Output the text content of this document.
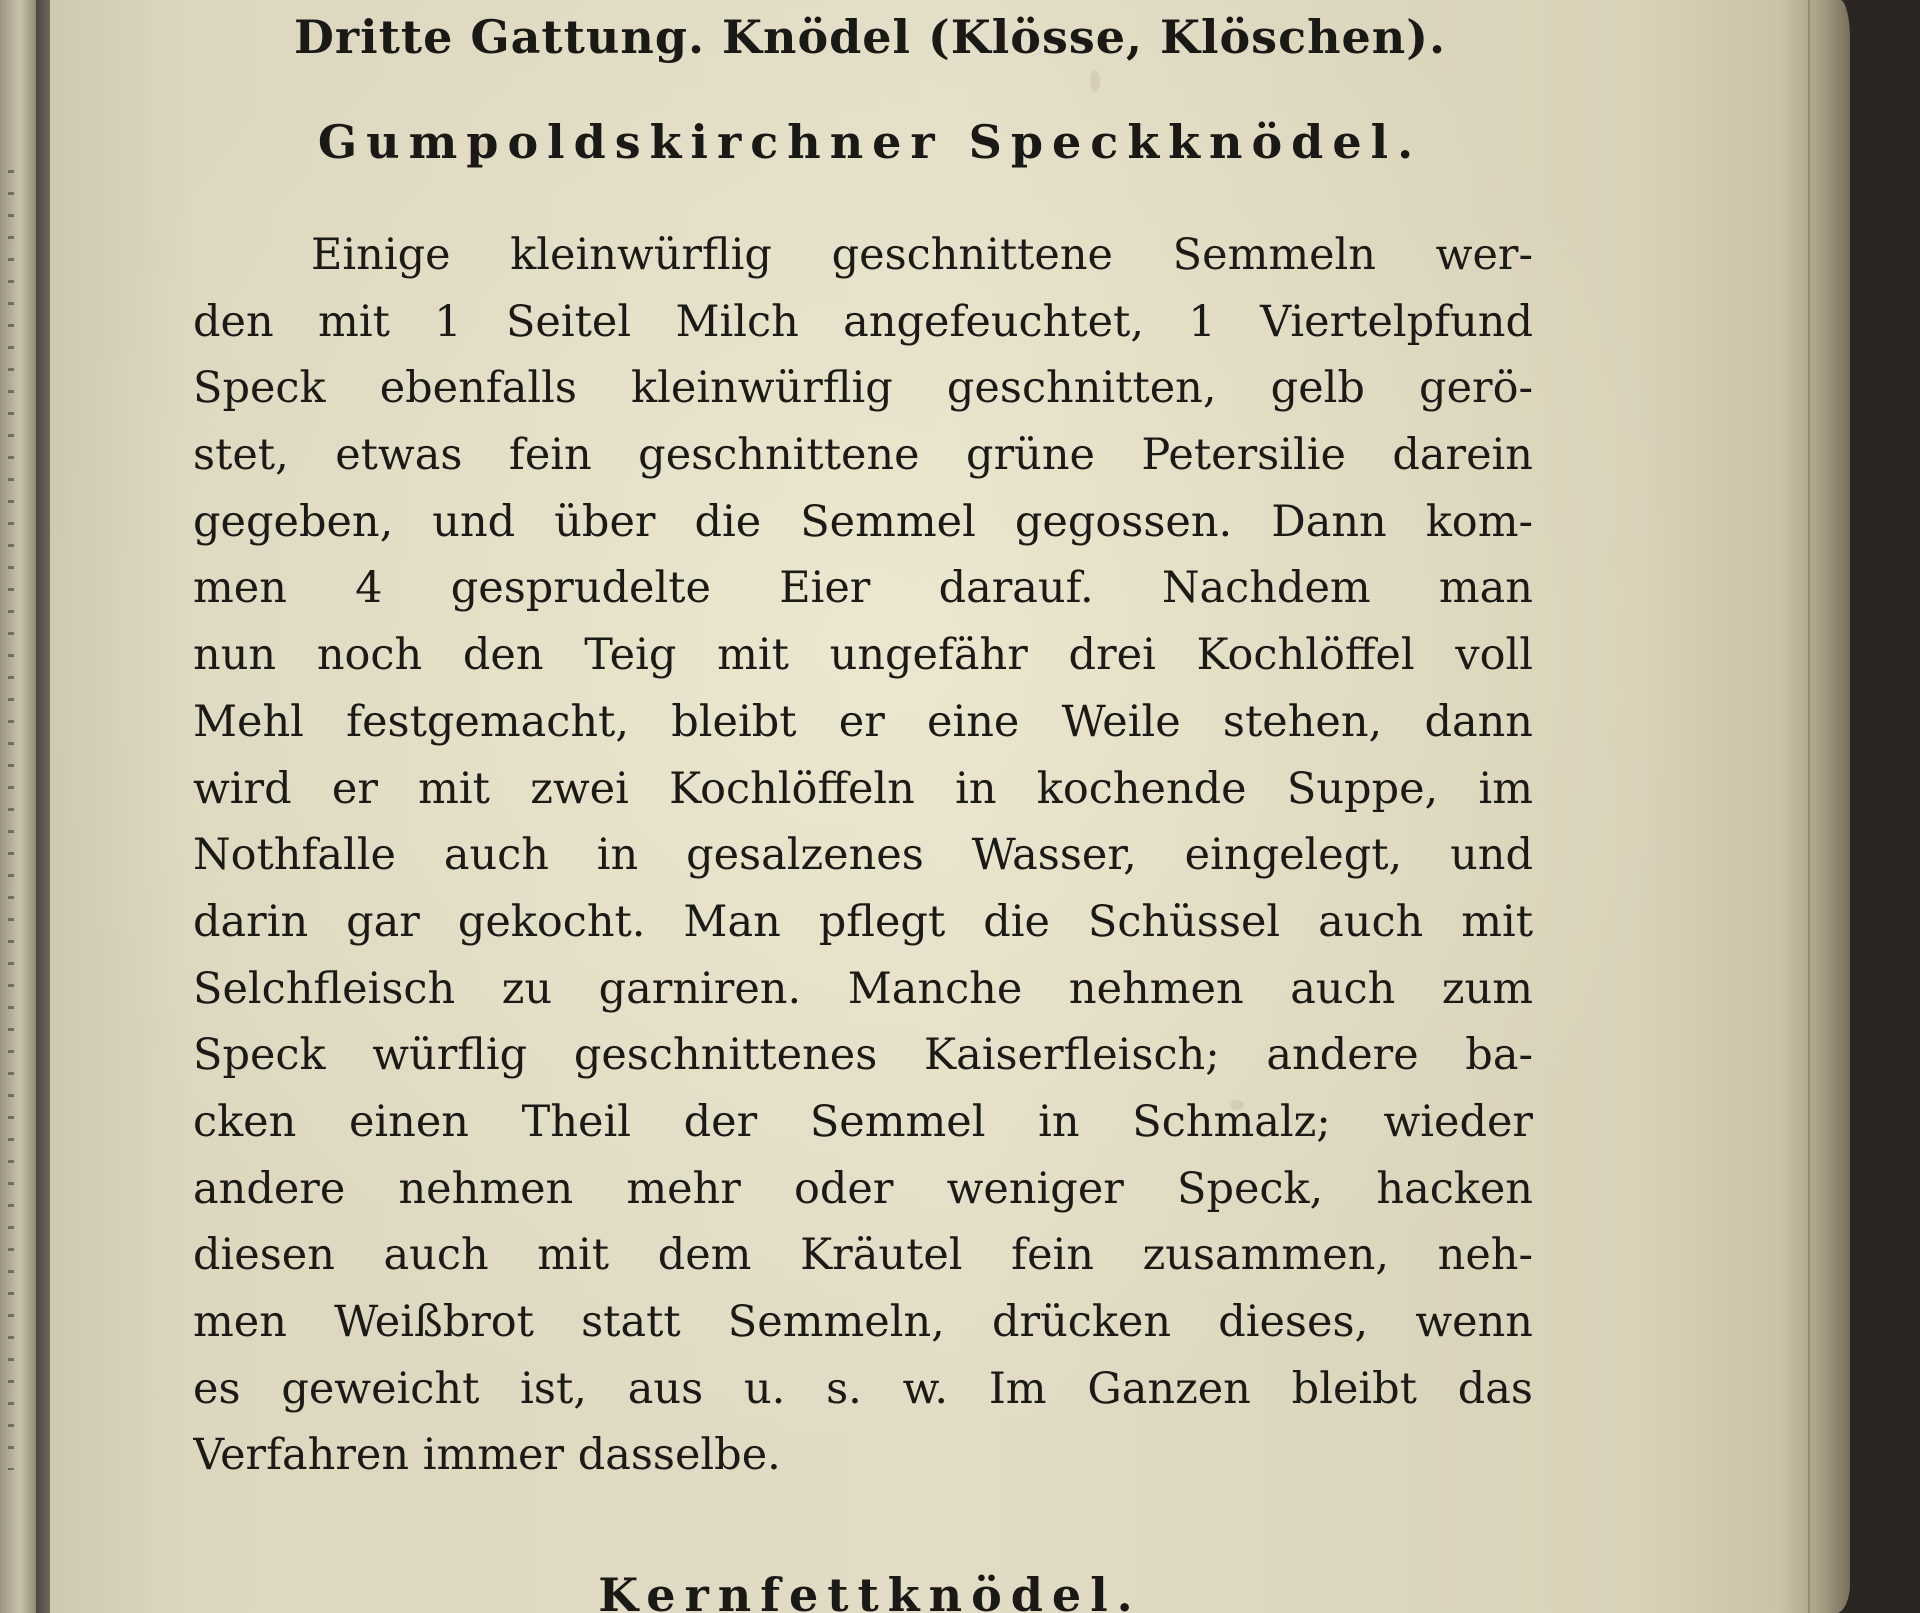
Dritte Gattung. Knödel (Klösse, Klöschen).
Gumpoldskirchner Speckknödel.
Einige kleinwürflig geschnittene Semmeln wer-
den mit 1 Seitel Milch angefeuchtet, 1 Viertelpfund
Speck ebenfalls kleinwürflig geschnitten, gelb gerö-
stet, etwas fein geschnittene grüne Petersilie darein
gegeben, und über die Semmel gegossen. Dann kom-
men 4 gesprudelte Eier darauf. Nachdem man
nun noch den Teig mit ungefähr drei Kochlöffel voll
Mehl festgemacht, bleibt er eine Weile stehen, dann
wird er mit zwei Kochlöffeln in kochende Suppe, im
Nothfalle auch in gesalzenes Wasser, eingelegt, und
darin gar gekocht. Man pflegt die Schüssel auch mit
Selchfleisch zu garniren. Manche nehmen auch zum
Speck würflig geschnittenes Kaiserfleisch; andere ba-
cken einen Theil der Semmel in Schmalz; wieder
andere nehmen mehr oder weniger Speck, hacken
diesen auch mit dem Kräutel fein zusammen, neh-
men Weißbrot statt Semmeln, drücken dieses, wenn
es geweicht ist, aus u. s. w. Im Ganzen bleibt das
Verfahren immer dasselbe.
Kernfettknödel.
